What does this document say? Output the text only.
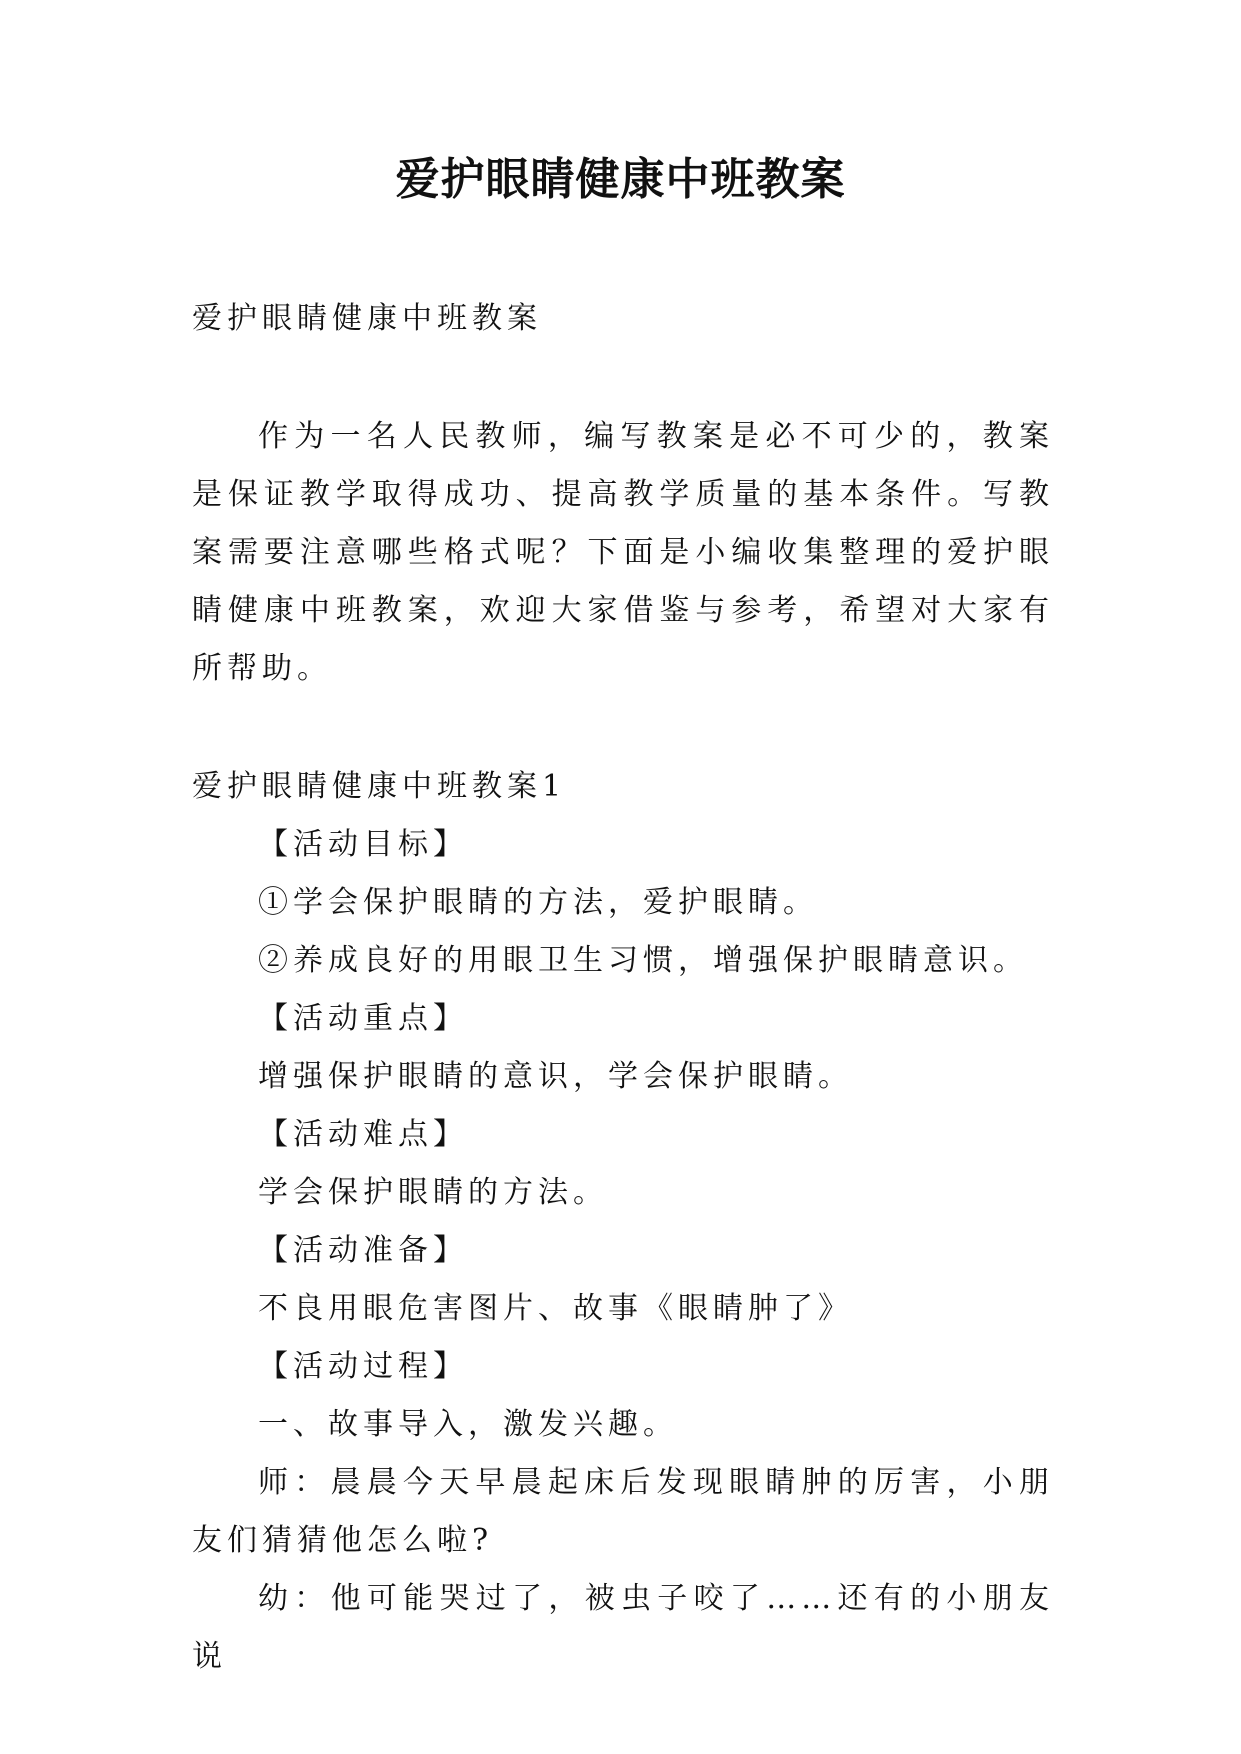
爱护眼睛健康中班教案

爱护眼睛健康中班教案

作为一名人民教师，编写教案是必不可少的，教案是保证教学取得成功、提高教学质量的基本条件。写教案需要注意哪些格式呢？下面是小编收集整理的爱护眼睛健康中班教案，欢迎大家借鉴与参考，希望对大家有所帮助。

爱护眼睛健康中班教案1

【活动目标】

①学会保护眼睛的方法，爱护眼睛。

②养成良好的用眼卫生习惯，增强保护眼睛意识。

【活动重点】

增强保护眼睛的意识，学会保护眼睛。

【活动难点】

学会保护眼睛的方法。

【活动准备】

不良用眼危害图片、故事《眼睛肿了》

【活动过程】

一、故事导入，激发兴趣。

师：晨晨今天早晨起床后发现眼睛肿的厉害，小朋友们猜猜他怎么啦?

幼：他可能哭过了，被虫子咬了……还有的小朋友说
